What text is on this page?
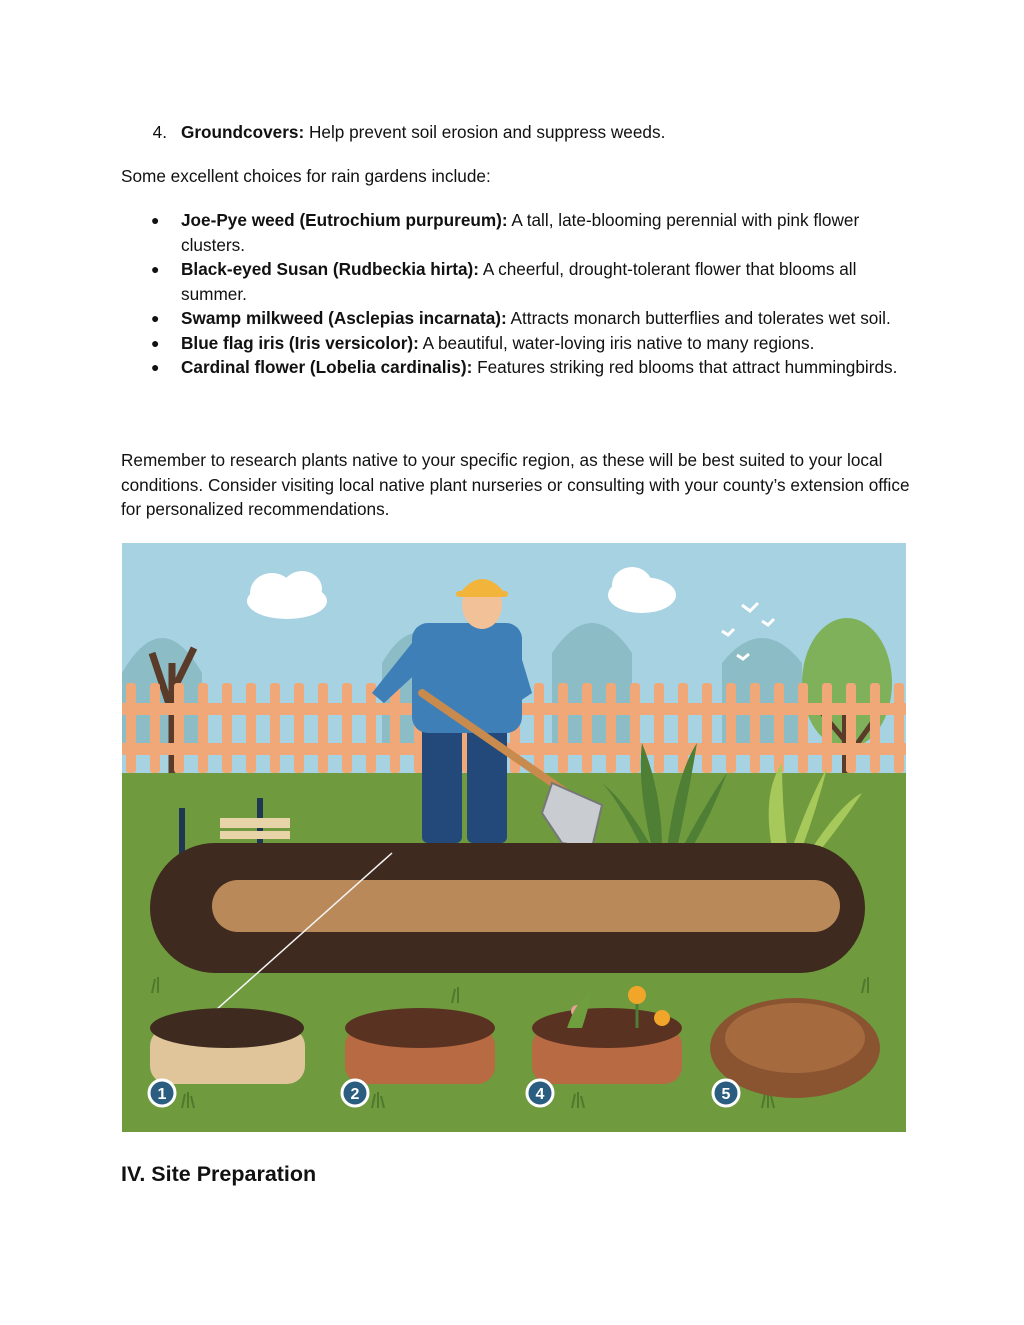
4. Groundcovers: Help prevent soil erosion and suppress weeds.

Some excellent choices for rain gardens include:

●	Joe-Pye weed (Eutrochium purpureum): A tall, late-blooming perennial with pink flower clusters.
●	Black-eyed Susan (Rudbeckia hirta): A cheerful, drought-tolerant flower that blooms all summer.
●	Swamp milkweed (Asclepias incarnata): Attracts monarch butterflies and tolerates wet soil.
●	Blue flag iris (Iris versicolor): A beautiful, water-loving iris native to many regions.
●	Cardinal flower (Lobelia cardinalis): Features striking red blooms that attract hummingbirds.

Remember to research plants native to your specific region, as these will be best suited to your local conditions. Consider visiting local native plant nurseries or consulting with your county’s extension office for personalized recommendations.

1	2	4	5
IV. Site Preparation
